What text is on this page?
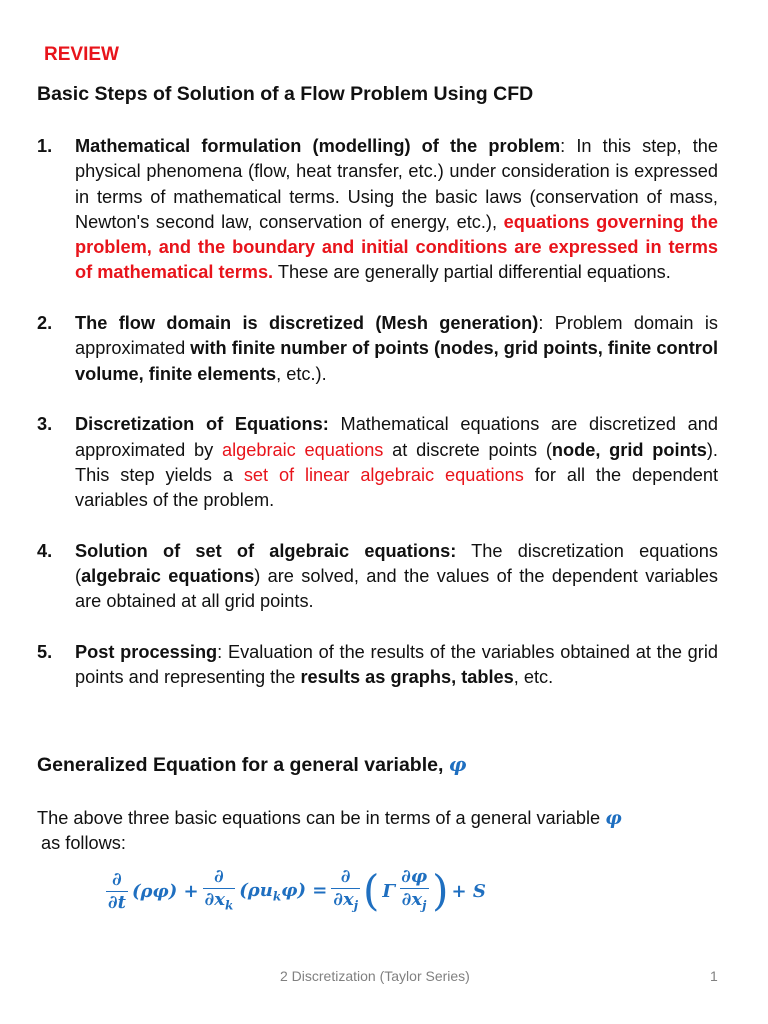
REVIEW
Basic Steps of Solution of a Flow Problem Using CFD
1. Mathematical formulation (modelling) of the problem: In this step, the physical phenomena (flow, heat transfer, etc.) under consideration is expressed in terms of mathematical terms. Using the basic laws (conservation of mass, Newton's second law, conservation of energy, etc.), equations governing the problem, and the boundary and initial conditions are expressed in terms of mathematical terms. These are generally partial differential equations.
2. The flow domain is discretized (Mesh generation): Problem domain is approximated with finite number of points (nodes, grid points, finite control volume, finite elements, etc.).
3. Discretization of Equations: Mathematical equations are discretized and approximated by algebraic equations at discrete points (node, grid points). This step yields a set of linear algebraic equations for all the dependent variables of the problem.
4. Solution of set of algebraic equations: The discretization equations (algebraic equations) are solved, and the values of the dependent variables are obtained at all grid points.
5. Post processing: Evaluation of the results of the variables obtained at the grid points and representing the results as graphs, tables, etc.
Generalized Equation for a general variable, φ
The above three basic equations can be in terms of a general variable φ
as follows:
$\frac{\partial}{\partial t} (\rho\varphi) + \frac{\partial}{\partial x_k} (\rho u_k\varphi) = \frac{\partial}{\partial x_j}$ ( Γ $\frac{\partial\varphi}{\partial x_j}$ ) + S
2 Discretization (Taylor Series)	1
